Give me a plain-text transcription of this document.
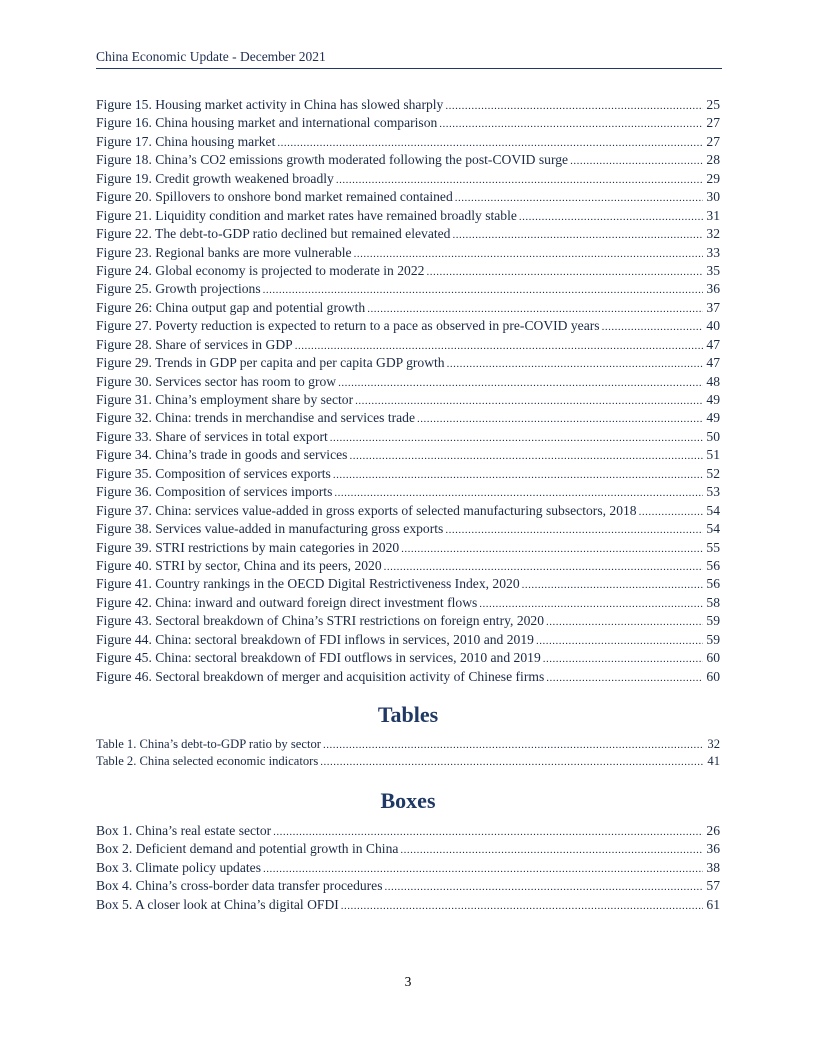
China Economic Update - December 2021
Figure 15. Housing market activity in China has slowed sharply .....	25
Figure 16. China housing market and international comparison .....	27
Figure 17. China housing market .....	27
Figure 18. China’s CO2 emissions growth moderated following the post-COVID surge .....	28
Figure 19. Credit growth weakened broadly .....	29
Figure 20. Spillovers to onshore bond market remained contained .....	30
Figure 21. Liquidity condition and market rates have remained broadly stable .....	31
Figure 22. The debt-to-GDP ratio declined but remained elevated .....	32
Figure 23. Regional banks are more vulnerable .....	33
Figure 24. Global economy is projected to moderate in 2022 .....	35
Figure 25. Growth projections .....	36
Figure 26: China output gap and potential growth .....	37
Figure 27. Poverty reduction is expected to return to a pace as observed in pre-COVID years .....	40
Figure 28. Share of services in GDP .....	47
Figure 29. Trends in GDP per capita and per capita GDP growth .....	47
Figure 30. Services sector has room to grow .....	48
Figure 31. China’s employment share by sector .....	49
Figure 32. China: trends in merchandise and services trade .....	49
Figure 33. Share of services in total export .....	50
Figure 34. China’s trade in goods and services .....	51
Figure 35. Composition of services exports .....	52
Figure 36. Composition of services imports .....	53
Figure 37. China: services value-added in gross exports of selected manufacturing subsectors, 2018 .....	54
Figure 38. Services value-added in manufacturing gross exports .....	54
Figure 39. STRI restrictions by main categories in 2020 .....	55
Figure 40. STRI by sector, China and its peers, 2020 .....	56
Figure 41. Country rankings in the OECD Digital Restrictiveness Index, 2020 .....	56
Figure 42. China: inward and outward foreign direct investment flows .....	58
Figure 43. Sectoral breakdown of China’s STRI restrictions on foreign entry, 2020 .....	59
Figure 44. China: sectoral breakdown of FDI inflows in services, 2010 and 2019 .....	59
Figure 45. China: sectoral breakdown of FDI outflows in services, 2010 and 2019 .....	60
Figure 46. Sectoral breakdown of merger and acquisition activity of Chinese firms .....	60
Tables
Table 1. China’s debt-to-GDP ratio by sector .....	32
Table 2. China selected economic indicators .....	41
Boxes
Box 1. China’s real estate sector .....	26
Box 2. Deficient demand and potential growth in China .....	36
Box 3. Climate policy updates .....	38
Box 4. China’s cross-border data transfer procedures .....	57
Box 5. A closer look at China’s digital OFDI .....	61
3
